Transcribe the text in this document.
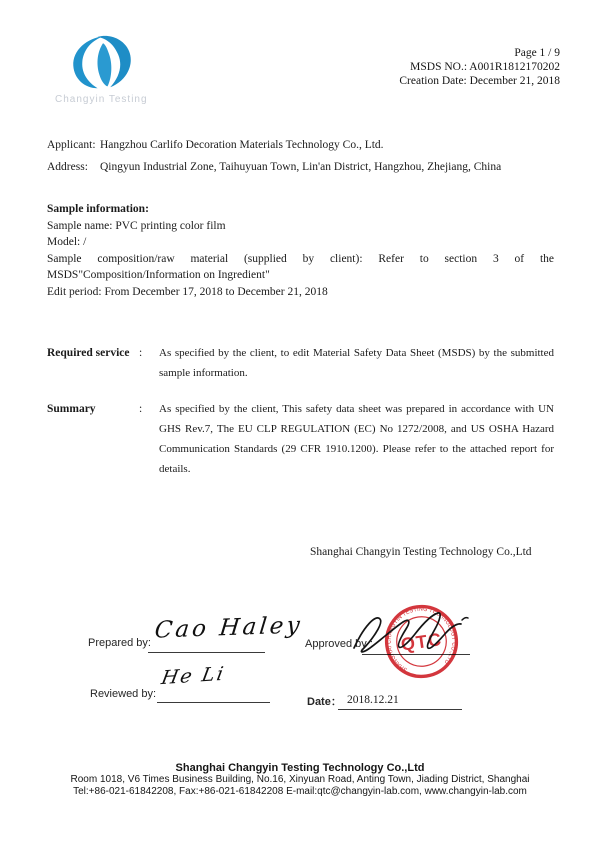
Changyin Testing
Page 1 / 9
MSDS NO.: A001R1812170202
Creation Date: December 21, 2018
Applicant: Hangzhou Carlifo Decoration Materials Technology Co., Ltd.
Address:	Qingyun Industrial Zone, Taihuyuan Town, Lin'an District, Hangzhou, Zhejiang, China
Sample information:
Sample name: PVC printing color film
Model: /
Sample composition/raw material (supplied by client): Refer to section 3 of the MSDS"Composition/Information on Ingredient"
Edit period: From December 17, 2018 to December 21, 2018
Required service :	As specified by the client, to edit Material Safety Data Sheet (MSDS) by the submitted sample information.
Summary	:	As specified by the client, This safety data sheet was prepared in accordance with UN GHS Rev.7, The EU CLP REGULATION (EC) No 1272/2008, and US OSHA Hazard Communication Standards (29 CFR 1910.1200). Please refer to the attached report for details.
Shanghai Changyin Testing Technology Co.,Ltd
Prepared by: Cao Haley
Approved by :
SHANGHAI CHANGYIN TESTING TECHNOLOGY CO.,LTD
QTC
Reviewed by:
He Li
Date： 2018.12.21
Shanghai Changyin Testing Technology Co.,Ltd
Room 1018, V6 Times Business Building, No.16, Xinyuan Road, Anting Town, Jiading District, Shanghai
Tel:+86-021-61842208, Fax:+86-021-61842208 E-mail:qtc@changyin-lab.com, www.changyin-lab.com
